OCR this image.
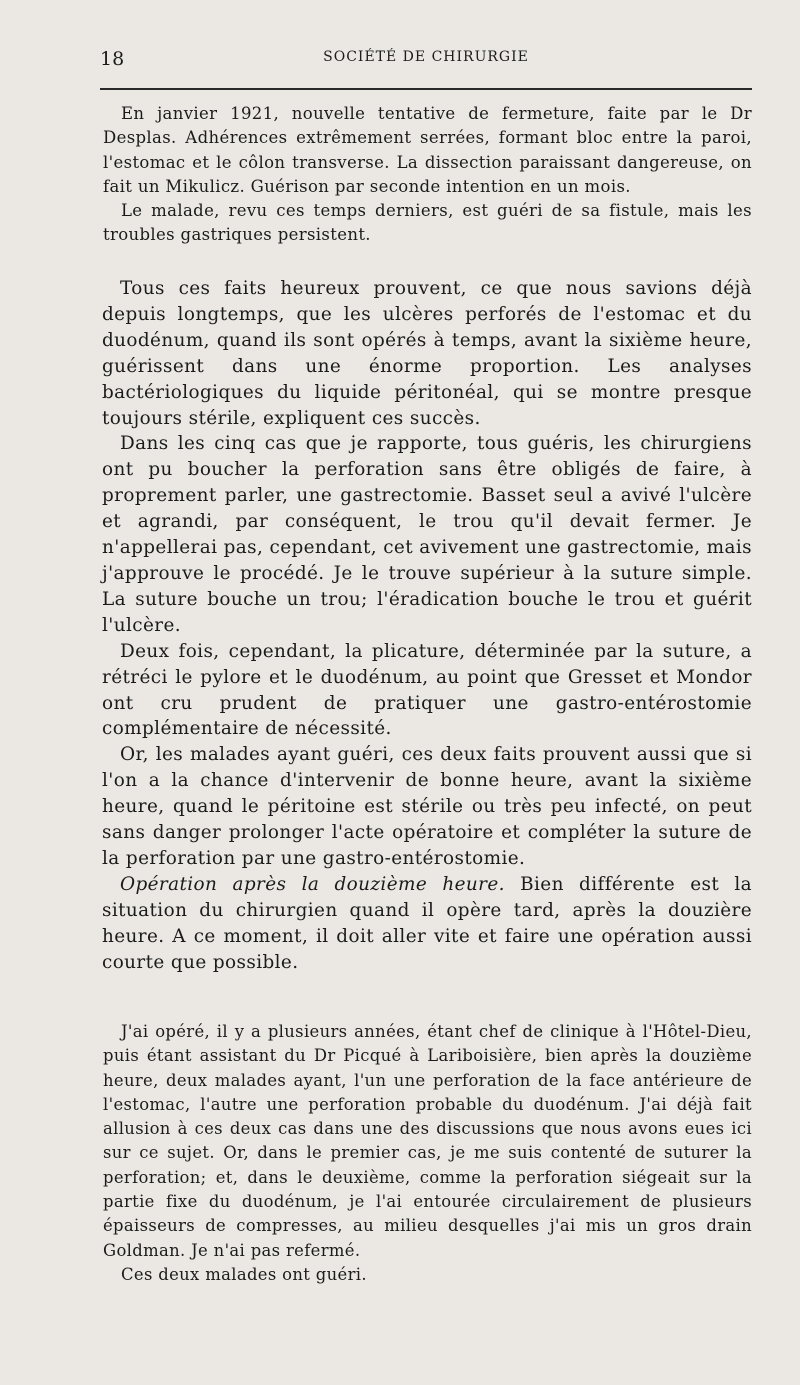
18	SOCIÉTÉ DE CHIRURGIE

En janvier 1921, nouvelle tentative de fermeture, faite par le Dr Desplas. Adhérences extrêmement serrées, formant bloc entre la paroi, l'estomac et le côlon transverse. La dissection paraissant dangereuse, on fait un Mikulicz. Guérison par seconde intention en un mois.

Le malade, revu ces temps derniers, est guéri de sa fistule, mais les troubles gastriques persistent.

Tous ces faits heureux prouvent, ce que nous savions déjà depuis longtemps, que les ulcères perforés de l'estomac et du duodénum, quand ils sont opérés à temps, avant la sixième heure, guérissent dans une énorme proportion. Les analyses bactériologiques du liquide péritonéal, qui se montre presque toujours stérile, expliquent ces succès.

Dans les cinq cas que je rapporte, tous guéris, les chirurgiens ont pu boucher la perforation sans être obligés de faire, à proprement parler, une gastrectomie. Basset seul a avivé l'ulcère et agrandi, par conséquent, le trou qu'il devait fermer. Je n'appellerai pas, cependant, cet avivement une gastrectomie, mais j'approuve le procédé. Je le trouve supérieur à la suture simple. La suture bouche un trou; l'éradication bouche le trou et guérit l'ulcère.

Deux fois, cependant, la plicature, déterminée par la suture, a rétréci le pylore et le duodénum, au point que Gresset et Mondor ont cru prudent de pratiquer une gastro-entérostomie complémentaire de nécessité.

Or, les malades ayant guéri, ces deux faits prouvent aussi que si l'on a la chance d'intervenir de bonne heure, avant la sixième heure, quand le péritoine est stérile ou très peu infecté, on peut sans danger prolonger l'acte opératoire et compléter la suture de la perforation par une gastro-entérostomie.

Opération après la douzième heure. Bien différente est la situation du chirurgien quand il opère tard, après la douzière heure. A ce moment, il doit aller vite et faire une opération aussi courte que possible.

J'ai opéré, il y a plusieurs années, étant chef de clinique à l'Hôtel-Dieu, puis étant assistant du Dr Picqué à Lariboisière, bien après la douzième heure, deux malades ayant, l'un une perforation de la face antérieure de l'estomac, l'autre une perforation probable du duodénum. J'ai déjà fait allusion à ces deux cas dans une des discussions que nous avons eues ici sur ce sujet. Or, dans le premier cas, je me suis contenté de suturer la perforation; et, dans le deuxième, comme la perforation siégeait sur la partie fixe du duodénum, je l'ai entourée circulairement de plusieurs épaisseurs de compresses, au milieu desquelles j'ai mis un gros drain Goldman. Je n'ai pas refermé.

Ces deux malades ont guéri.
